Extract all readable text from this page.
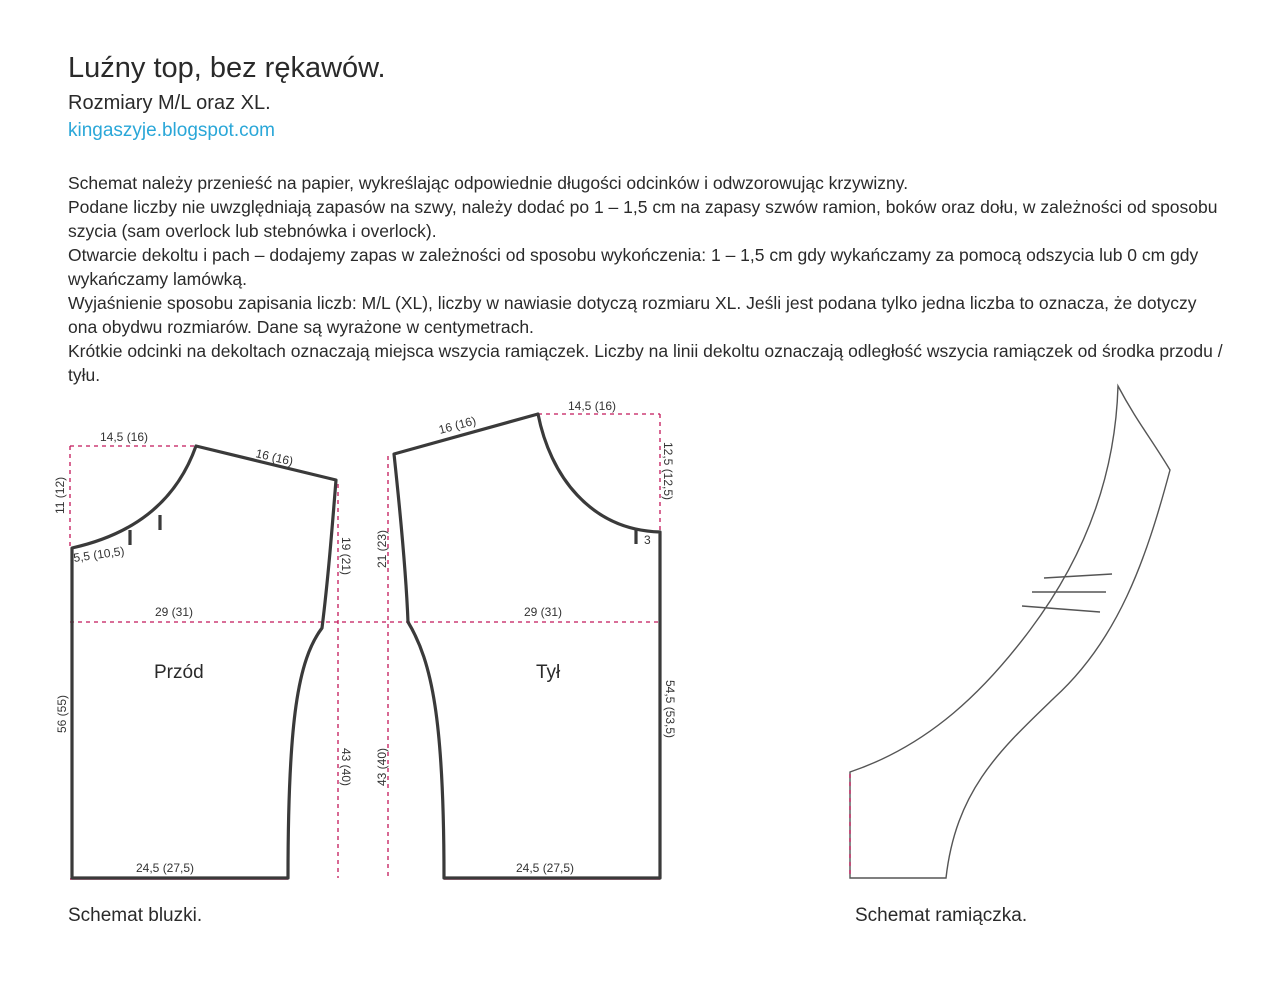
Luźny top, bez rękawów.
Rozmiary M/L oraz XL.
kingaszyje.blogspot.com

Schemat należy przenieść na papier, wykreślając odpowiednie długości odcinków i odwzorowując krzywizny.

Podane liczby nie uwzględniają zapasów na szwy, należy dodać po 1 – 1,5 cm na zapasy szwów ramion, boków oraz dołu, w zależności od sposobu szycia (sam overlock lub stebnówka i overlock).

Otwarcie dekoltu i pach – dodajemy zapas w zależności od sposobu wykończenia: 1 – 1,5 cm gdy wykańczamy za pomocą odszycia lub 0 cm gdy wykańczamy lamówką.

Wyjaśnienie sposobu zapisania liczb: M/L (XL), liczby w nawiasie dotyczą rozmiaru XL. Jeśli jest podana tylko jedna liczba to oznacza, że dotyczy ona obydwu rozmiarów. Dane są wyrażone w centymetrach.

Krótkie odcinki na dekoltach oznaczają miejsca wszycia ramiączek. Liczby na linii dekoltu oznaczają odległość wszycia ramiączek od środka przodu / tyłu.

14,5 (16)
16 (16)
11 (12)
5,5 (10,5)	19 (21)
29 (31)
Przód
56 (55)
43 (40)
24,5 (27,5)
14,5 (16)
16 (16)
12,5 (12,5)
3
21 (23)
29 (31)
Tył
54,5 (53,5)
43 (40)
24,5 (27,5)
Schemat bluzki.	Schemat ramiączka.
